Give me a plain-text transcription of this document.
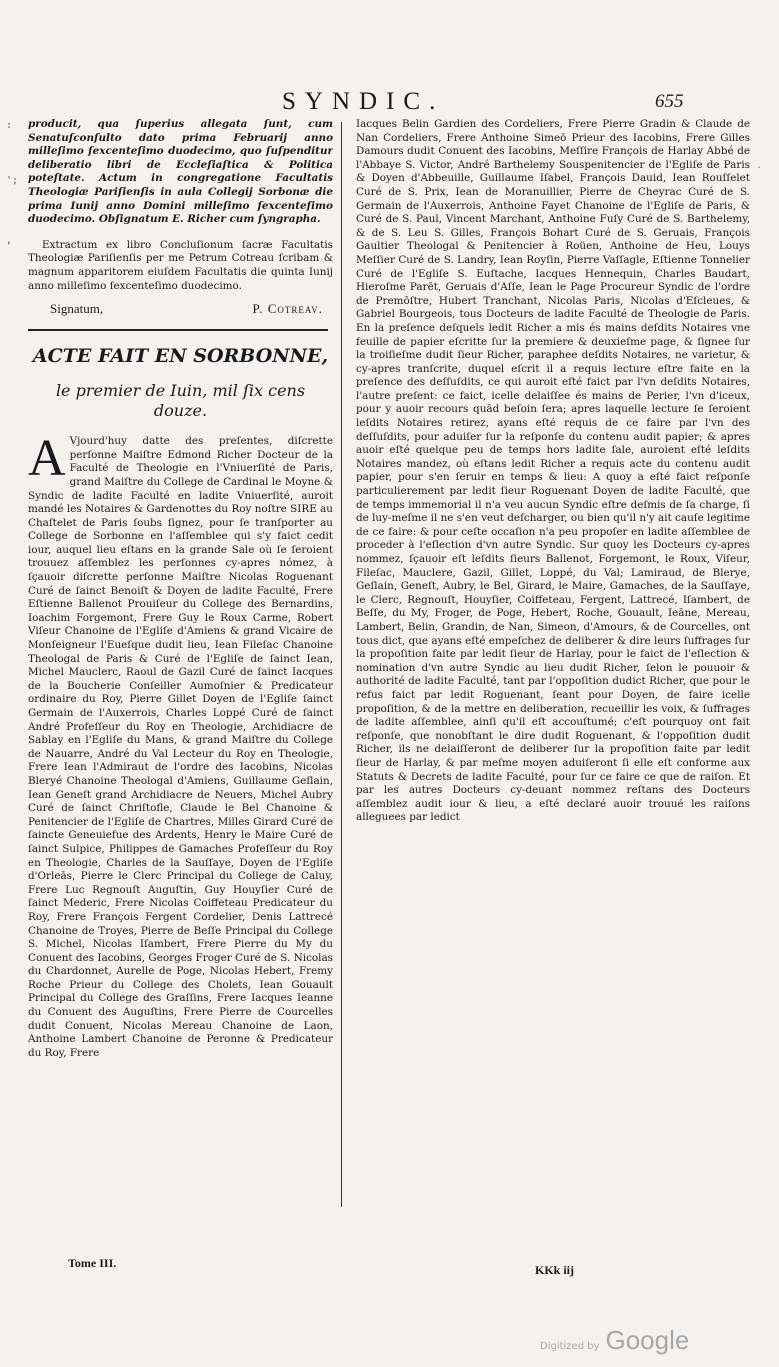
:
';
,
.
SYNDIC.	655

producit, qua ſuperius allegata ſunt, cum Senatuſconſulto dato prima Februarij anno milleſimo ſexcenteſimo duodecimo, quo ſuſpenditur deliberatio libri de Eccleſiaſtica & Politica poteſtate. Actum in congregatione Facultatis Theologiæ Pariſienſis in aula Collegij Sorbonæ die prima Iunij anno Domini milleſimo ſexcenteſimo duodecimo. Obſignatum E. Richer cum ſyngrapha.

Extractum ex libro Concluſionum ſacræ Facultatis Theologiæ Pariſienſis per me Petrum Cotreau ſcribam & magnum apparitorem eiuſdem Facultatis die quinta Iunij anno milleſimo ſexcenteſimo duodecimo.

Signatum,	P. Cotreav.
ACTE FAIT EN SORBONNE,
le premier de Iuin, mil ſix cens douze.

A Vjourd'huy datte des preſentes, diſcrette perſonne Maiſtre Edmond Richer Docteur de la Faculté de Theologie en l'Vniuerſité de Paris, grand Maiſtre du College de Cardinal le Moyne & Syndic de ladite Faculté en ladite Vniuerſité, auroit mandé les Notaires & Gardenottes du Roy noſtre SIRE au Chaſtelet de Paris ſoubs ſignez, pour ſe tranſporter au College de Sorbonne en l'aſſemblee qui s'y faict cedit iour, auquel lieu eſtans en la grande Sale où ſe ſeroient trouuez aſſemblez les perſonnes cy-apres nómez, à ſçauoir diſcrette perſonne Maiſtre Nicolas Roguenant Curé de ſainct Benoiſt & Doyen de ladite Faculté, Frere Eſtienne Ballenot Prouiſeur du College des Bernardins, Ioachim Forgemont, Frere Guy le Roux Carme, Robert Viſeur Chanoine de l'Egliſe d'Amiens & grand Vicaire de Monſeigneur l'Eueſque dudit lieu, Iean Fileſac Chanoine Theologal de Paris & Curé de l'Egliſe de ſainct Iean, Michel Mauclerc, Raoul de Gazil Curé de ſainct Iacques de la Boucherie Conſeiller Aumoſnier & Predicateur ordinaire du Roy, Pierre Gillet Doyen de l'Egliſe ſainct Germain de l'Auxerrois, Charles Loppé Curé de ſainct André Profeſſeur du Roy en Theologie, Archidiacre de Sablay en l'Egliſe du Mans, & grand Maiſtre du College de Nauarre, André du Val Lecteur du Roy en Theologie, Frere Iean l'Admiraut de l'ordre des Iacobins, Nicolas Bleryé Chanoine Theologal d'Amiens, Guillaume Geſlain, Iean Geneſt grand Archidiacre de Neuers, Michel Aubry Curé de ſainct Chriſtofle, Claude le Bel Chanoine & Penitencier de l'Egliſe de Chartres, Milles Girard Curé de ſaincte Geneuiefue des Ardents, Henry le Maire Curé de ſainct Sulpice, Philippes de Gamaches Profeſſeur du Roy en Theologie, Charles de la Sauſſaye, Doyen de l'Egliſe d'Orleās, Pierre le Clerc Principal du College de Caluy, Frere Luc Regnouſt Auguſtin, Guy Houyſier Curé de ſainct Mederic, Frere Nicolas Coiffeteau Predicateur du Roy, Frere François Fergent Cordelier, Denis Lattrecé Chanoine de Troyes, Pierre de Beſſe Principal du College S. Michel, Nicolas Iſambert, Frere Pierre du My du Conuent des Iacobins, Georges Froger Curé de S. Nicolas du Chardonnet, Aurelle de Poge, Nicolas Hebert, Fremy Roche Prieur du College des Cholets, Iean Gouault Principal du College des Graſſins, Frere Iacques Ieanne du Conuent des Auguſtins, Frere Pierre de Courcelles dudit Conuent, Nicolas Mereau Chanoine de Laon, Anthoine Lambert Chanoine de Peronne & Predicateur du Roy, Frere

Iacques Belin Gardien des Cordeliers, Frere Pierre Gradin & Claude de Nan Cordeliers, Frere Anthoine Simeō Prieur des Iacobins, Frere Gilles Damours dudit Conuent des Iacobins, Meſſire François de Harlay Abbé de l'Abbaye S. Victor, André Barthelemy Souspenitencier de l'Egliſe de Paris & Doyen d'Abbeuille, Guillaume Iſabel, François Dauid, Iean Rouſſelet Curé de S. Prix, Iean de Moranuillier, Pierre de Cheyrac Curé de S. Germain de l'Auxerrois, Anthoine Fayet Chanoine de l'Egliſe de Paris, & Curé de S. Paul, Vincent Marchant, Anthoine Fuſy Curé de S. Barthelemy, & de S. Leu S. Gilles, François Bohart Curé de S. Geruais, François Gaultier Theologal & Penitencier à Roüen, Anthoine de Heu, Louys Meſſier Curé de S. Landry, Iean Royſin, Pierre Vaſſagle, Eſtienne Tonnelier Curé de l'Egliſe S. Euſtache, Iacques Hennequin, Charles Baudart, Hieroſme Parēt, Geruais d'Aſſe, Iean le Page Procureur Syndic de l'ordre de Premōſtre, Hubert Tranchant, Nicolas Paris, Nicolas d'Eſcleues, & Gabriel Bourgeois, tous Docteurs de ladite Faculté de Theologie de Paris. En la preſence deſquels ledit Richer a mis és mains deſdits Notaires vne feuille de papier eſcritte ſur la premiere & deuxieſme page, & ſignee ſur la troiſieſme dudit ſieur Richer, paraphee deſdits Notaires, ne varietur, & cy-apres tranſcrite, duquel eſcrit il a requis lecture eſtre faite en la preſence des deſſuſdits, ce qui auroit eſté faict par l'vn deſdits Notaires, l'autre preſent: ce faict, icelle delaiſſee és mains de Perier, l'vn d'iceux, pour y auoir recours quād beſoin ſera; apres laquelle lecture ſe ſeroient leſdits Notaires retirez, ayans eſté requis de ce faire par l'vn des deſſuſdits, pour aduiſer ſur la reſponſe du contenu audit papier; & apres auoir eſté quelque peu de temps hors ladite ſale, auroient eſté leſdits Notaires mandez, où eſtans ledit Richer a requis acte du contenu audit papier, pour s'en ſeruir en temps & lieu: A quoy a eſté faict reſponſe particulierement par ledit ſieur Roguenant Doyen de ladite Faculté, que de temps immemorial il n'a veu aucun Syndic eſtre deſmis de ſa charge, ſi de luy-meſme il ne s'en veut deſcharger, ou bien qu'il n'y ait cauſe legitime de ce faire: & pour ceſte occaſion n'a peu propoſer en ladite aſſemblee de proceder à l'eſlection d'vn autre Syndic. Sur quoy les Docteurs cy-apres nommez, ſçauoir eſt leſdits ſieurs Ballenot, Forgemont, le Roux, Viſeur, Fileſac, Mauclere, Gazil, Gillet, Loppé, du Val; Lamiraud, de Blerye, Geſlain, Geneſt, Aubry, le Bel, Girard, le Maire, Gamaches, de la Sauſſaye, le Clerc, Regnouſt, Houyſier, Coiffeteau, Fergent, Lattrecé, Iſambert, de Beſſe, du My, Froger, de Poge, Hebert, Roche, Gouault, Ieāne, Mereau, Lambert, Belin, Grandin, de Nan, Simeon, d'Amours, & de Courcelles, ont tous dict, que ayans eſté empeſchez de deliberer & dire leurs ſuffrages ſur la propoſition faite par ledit ſieur de Harlay, pour le faict de l'eſlection & nomination d'vn autre Syndic au lieu dudit Richer, ſelon le pouuoir & authorité de ladite Faculté, tant par l'oppoſition dudict Richer, que pour le refus faict par ledit Roguenant, ſeant pour Doyen, de faire icelle propoſition, & de la mettre en deliberation, recueillir les voix, & ſuffrages de ladite aſſemblee, ainſi qu'il eſt accouſtumé; c'eſt pourquoy ont fait reſponſe, que nonobſtant le dire dudit Roguenant, & l'oppoſition dudit Richer, ils ne delaiſſeront de deliberer ſur la propoſition faite par ledit ſieur de Harlay, & par meſme moyen aduiſeront ſi elle eſt conforme aux Statuts & Decrets de ladite Faculté, pour ſur ce faire ce que de raiſon. Et par les autres Docteurs cy-deuant nommez reſtans des Docteurs aſſemblez audit iour & lieu, a eſté declaré auoir trouué les raiſons alleguees par ledict

Tome III.	KKk iij
Digitized by Google
